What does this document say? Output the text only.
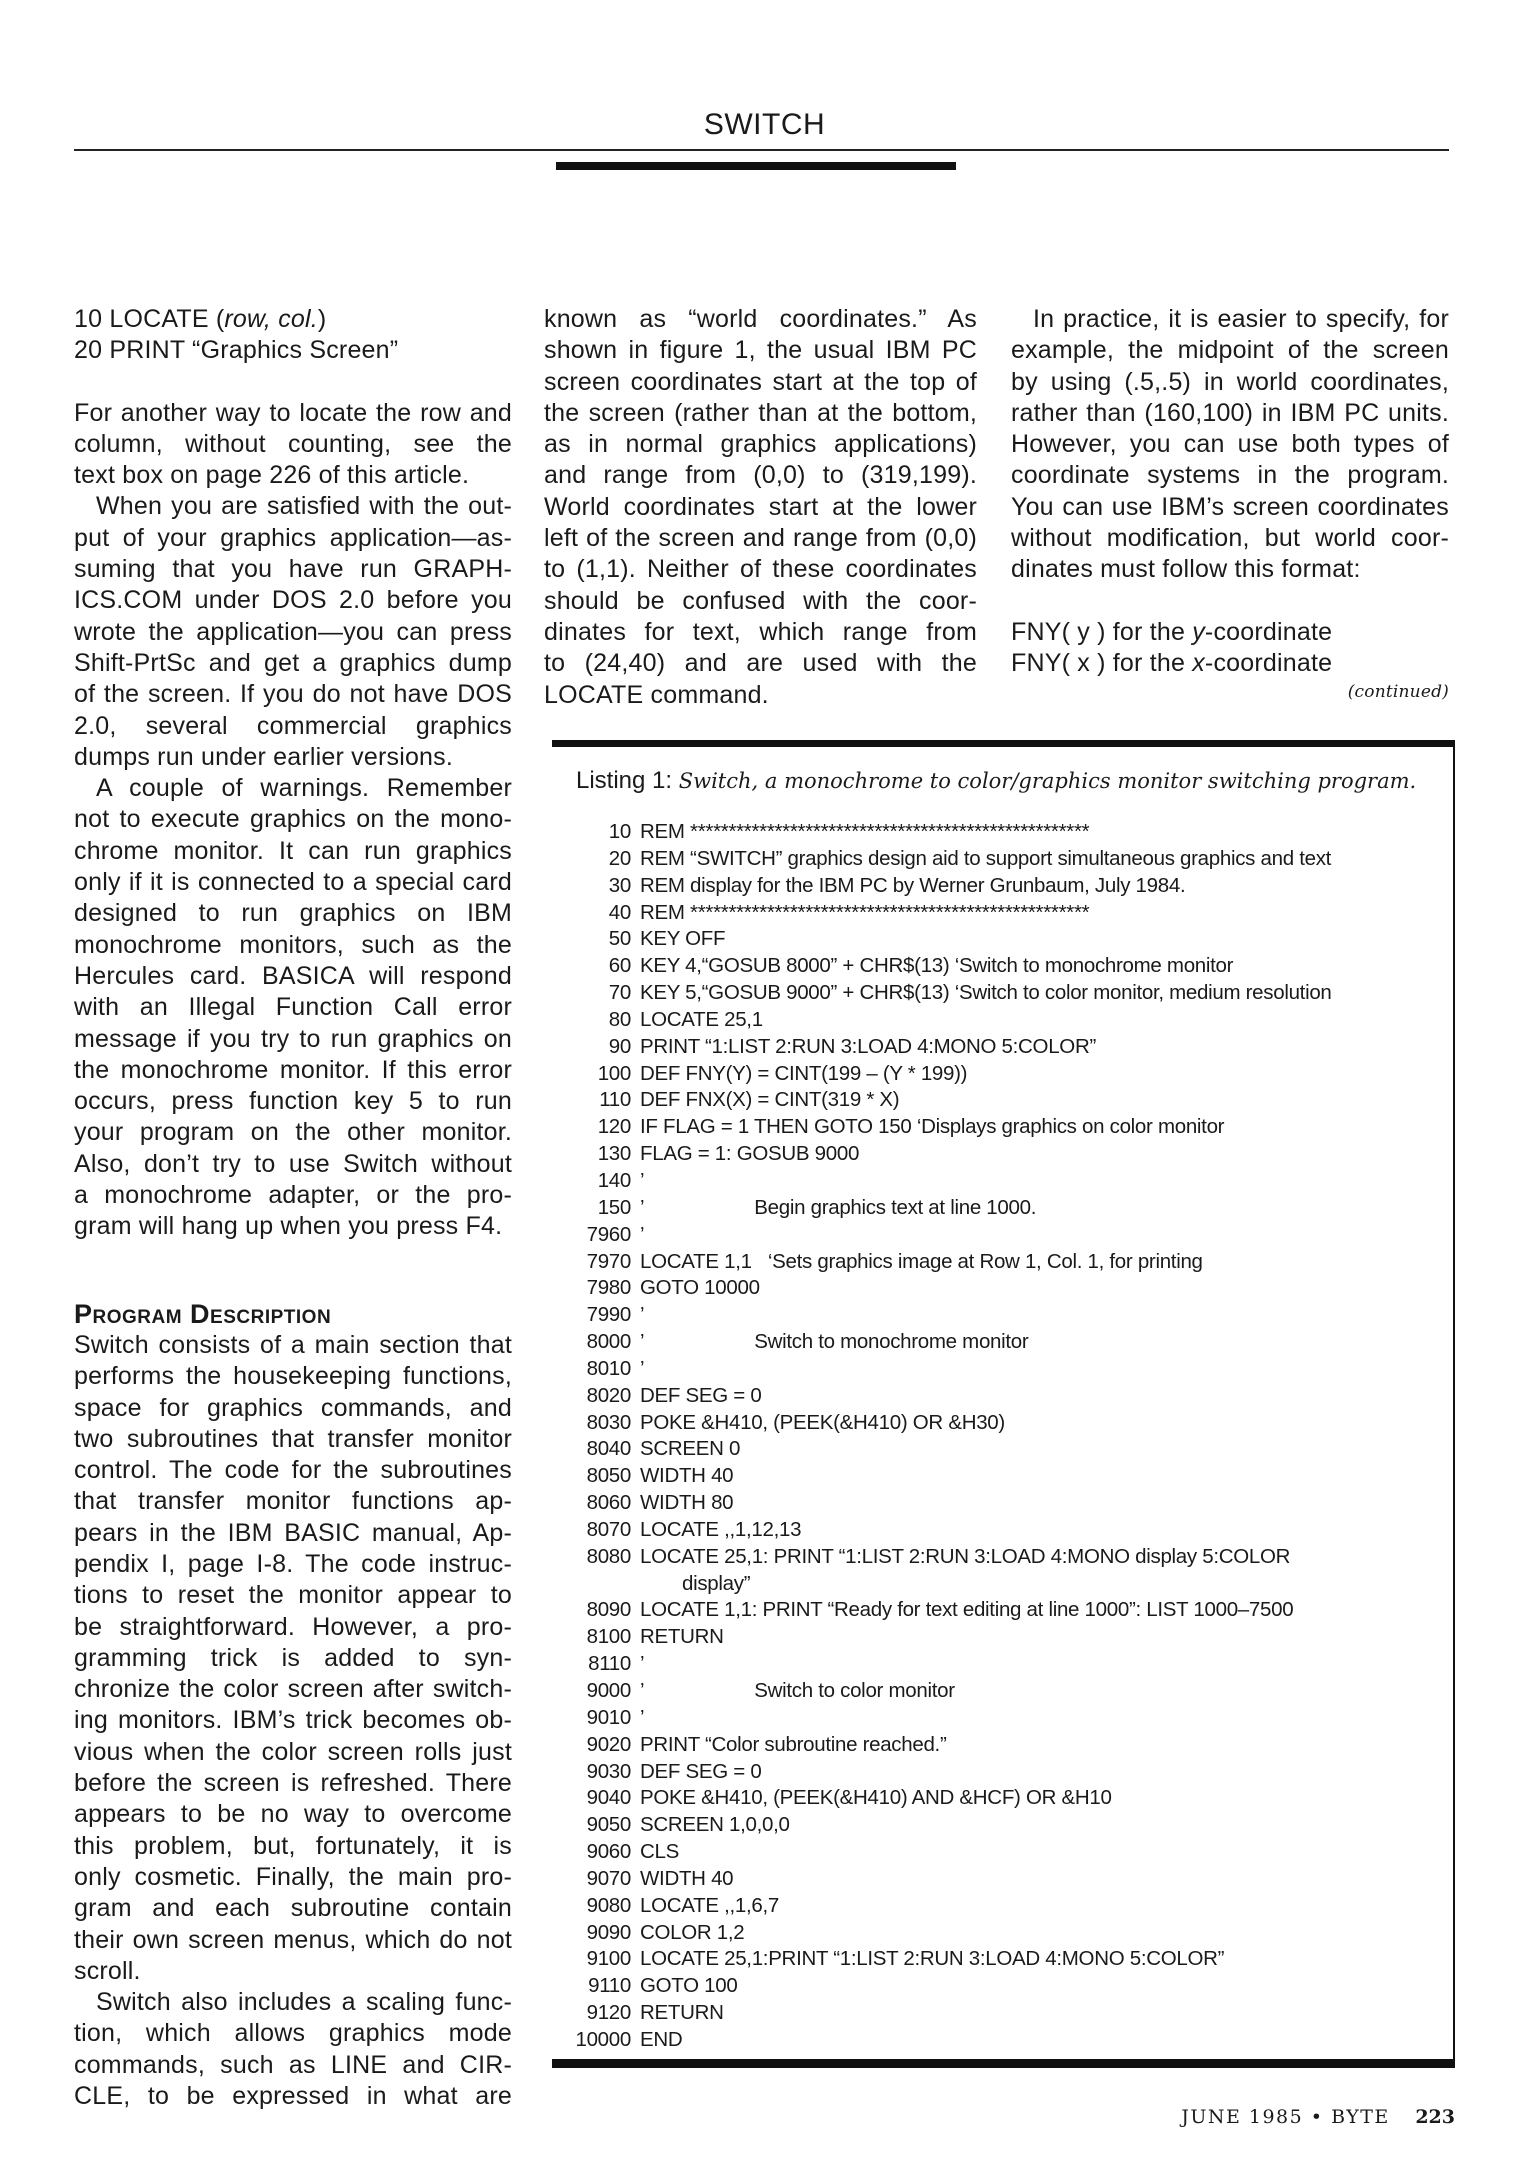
SWITCH
10 LOCATE (row, col.)
20 PRINT “Graphics Screen”
For another way to locate the row and
column, without counting, see the
text box on page 226 of this article.
When you are satisfied with the out-
put of your graphics application—as-
suming that you have run GRAPH-
ICS.COM under DOS 2.0 before you
wrote the application—you can press
Shift-PrtSc and get a graphics dump
of the screen. If you do not have DOS
2.0, several commercial graphics
dumps run under earlier versions.
A couple of warnings. Remember
not to execute graphics on the mono-
chrome monitor. It can run graphics
only if it is connected to a special card
designed to run graphics on IBM
monochrome monitors, such as the
Hercules card. BASICA will respond
with an Illegal Function Call error
message if you try to run graphics on
the monochrome monitor. If this error
occurs, press function key 5 to run
your program on the other monitor.
Also, don’t try to use Switch without
a monochrome adapter, or the pro-
gram will hang up when you press F4.
Program Description
Switch consists of a main section that
performs the housekeeping functions,
space for graphics commands, and
two subroutines that transfer monitor
control. The code for the subroutines
that transfer monitor functions ap-
pears in the IBM BASIC manual, Ap-
pendix I, page I-8. The code instruc-
tions to reset the monitor appear to
be straightforward. However, a pro-
gramming trick is added to syn-
chronize the color screen after switch-
ing monitors. IBM’s trick becomes ob-
vious when the color screen rolls just
before the screen is refreshed. There
appears to be no way to overcome
this problem, but, fortunately, it is
only cosmetic. Finally, the main pro-
gram and each subroutine contain
their own screen menus, which do not
scroll.
Switch also includes a scaling func-
tion, which allows graphics mode
commands, such as LINE and CIR-
CLE, to be expressed in what are
known as “world coordinates.” As
shown in figure 1, the usual IBM PC
screen coordinates start at the top of
the screen (rather than at the bottom,
as in normal graphics applications)
and range from (0,0) to (319,199).
World coordinates start at the lower
left of the screen and range from (0,0)
to (1,1). Neither of these coordinates
should be confused with the coor-
dinates for text, which range from
to (24,40) and are used with the
LOCATE command.
In practice, it is easier to specify, for
example, the midpoint of the screen
by using (.5,.5) in world coordinates,
rather than (160,100) in IBM PC units.
However, you can use both types of
coordinate systems in the program.
You can use IBM’s screen coordinates
without modification, but world coor-
dinates must follow this format:
FNY( y ) for the y-coordinate
FNY( x ) for the x-coordinate
(continued)
Listing 1: Switch, a monochrome to color/graphics monitor switching program.
10 REM ****************************************************
20 REM “SWITCH” graphics design aid to support simultaneous graphics and text
30 REM display for the IBM PC by Werner Grunbaum, July 1984.
40 REM ****************************************************
50 KEY OFF
60 KEY 4,“GOSUB 8000” + CHR$(13) ‘Switch to monochrome monitor
70 KEY 5,“GOSUB 9000” + CHR$(13) ‘Switch to color monitor, medium resolution
80 LOCATE 25,1
90 PRINT “1:LIST 2:RUN 3:LOAD 4:MONO 5:COLOR”
100 DEF FNY(Y) = CINT(199 – (Y * 199))
110 DEF FNX(X) = CINT(319 * X)
120 IF FLAG = 1 THEN GOTO 150 ‘Displays graphics on color monitor
130 FLAG = 1: GOSUB 9000
140 ’
150 ’	Begin graphics text at line 1000.
7960 ’
7970 LOCATE 1,1   ‘Sets graphics image at Row 1, Col. 1, for printing
7980 GOTO 10000
7990 ’
8000 ’	Switch to monochrome monitor
8010 ’
8020 DEF SEG = 0
8030 POKE &H410, (PEEK(&H410) OR &H30)
8040 SCREEN 0
8050 WIDTH 40
8060 WIDTH 80
8070 LOCATE ,,1,12,13
8080 LOCATE 25,1: PRINT “1:LIST 2:RUN 3:LOAD 4:MONO display 5:COLOR
display”
8090 LOCATE 1,1: PRINT “Ready for text editing at line 1000”: LIST 1000–7500
8100 RETURN
8110 ’
9000 ’	Switch to color monitor
9010 ’
9020 PRINT “Color subroutine reached.”
9030 DEF SEG = 0
9040 POKE &H410, (PEEK(&H410) AND &HCF) OR &H10
9050 SCREEN 1,0,0,0
9060 CLS
9070 WIDTH 40
9080 LOCATE ,,1,6,7
9090 COLOR 1,2
9100 LOCATE 25,1:PRINT “1:LIST 2:RUN 3:LOAD 4:MONO 5:COLOR”
9110 GOTO 100
9120 RETURN
10000 END
JUNE 1985 • BYTE 223
